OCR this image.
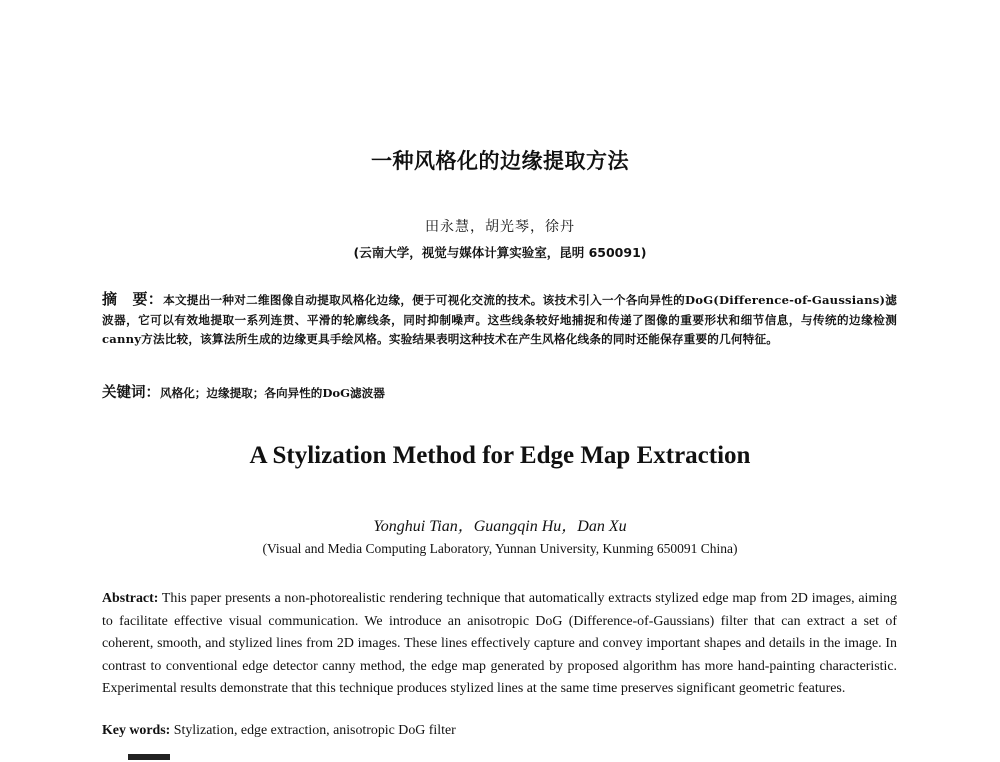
一种风格化的边缘提取方法
田永慧，胡光琴，徐丹
(云南大学，视觉与媒体计算实验室，昆明 650091)
摘　要：本文提出一种对二维图像自动提取风格化边缘，便于可视化交流的技术。该技术引入一个各向异性的DoG(Difference-of-Gaussians)滤波器，它可以有效地提取一系列连贯、平滑的轮廓线条，同时抑制噪声。这些线条较好地捕捉和传递了图像的重要形状和细节信息，与传统的边缘检测canny方法比较，该算法所生成的边缘更具手绘风格。实验结果表明这种技术在产生风格化线条的同时还能保存重要的几何特征。
关键词：风格化；边缘提取；各向异性的DoG滤波器
A Stylization Method for Edge Map Extraction
Yonghui Tian，Guangqin Hu，Dan Xu
(Visual and Media Computing Laboratory, Yunnan University, Kunming 650091 China)
Abstract: This paper presents a non-photorealistic rendering technique that automatically extracts stylized edge map from 2D images, aiming to facilitate effective visual communication. We introduce an anisotropic DoG (Difference-of-Gaussians) filter that can extract a set of coherent, smooth, and stylized lines from 2D images. These lines effectively capture and convey important shapes and details in the image. In contrast to conventional edge detector canny method, the edge map generated by proposed algorithm has more hand-painting characteristic. Experimental results demonstrate that this technique produces stylized lines at the same time preserves significant geometric features.
Key words: Stylization, edge extraction, anisotropic DoG filter
